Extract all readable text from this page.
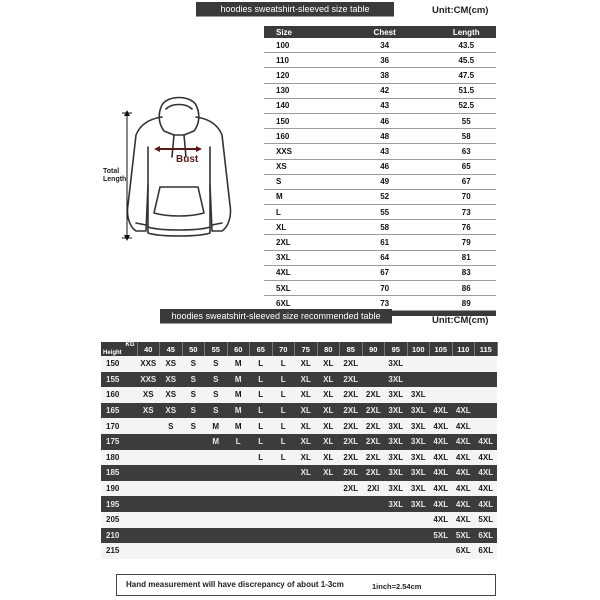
hoodies sweatshirt-sleeved size table	Unit:CM(cm)
Bust
Total
Length
Size	Chest	Length
100	34	43.5
110	36	45.5
120	38	47.5
130	42	51.5
140	43	52.5
150	46	55
160	48	58
XXS	43	63
XS	46	65
S	49	67
M	52	70
L	55	73
XL	58	76
2XL	61	79
3XL	64	81
4XL	67	83
5XL	70	86
6XL	73	89

hoodies sweatshirt-sleeved size recommended table	Unit:CM(cm)
KG
Height	40	45	50	55	60	65	70	75	80	85	90	95	100	105	110	115
150	XXS	XS	S	S	M	L	L	XL	XL	2XL		3XL				
155	XXS	XS	S	S	M	L	L	XL	XL	2XL		3XL				
160	XS	XS	S	S	M	L	L	XL	XL	2XL	2XL	3XL	3XL			
165	XS	XS	S	S	M	L	L	XL	XL	2XL	2XL	3XL	3XL	4XL	4XL	
170		S	S	M	M	L	L	XL	XL	2XL	2XL	3XL	3XL	4XL	4XL	
175				M	L	L	L	XL	XL	2XL	2XL	3XL	3XL	4XL	4XL	4XL
180						L	L	XL	XL	2XL	2XL	3XL	3XL	4XL	4XL	4XL
185								XL	XL	2XL	2XL	3XL	3XL	4XL	4XL	4XL
190										2XL	2XI	3XL	3XL	4XL	4XL	4XL
195												3XL	3XL	4XL	4XL	4XL
205														4XL	4XL	5XL
210														5XL	5XL	6XL
215															6XL	6XL
Hand measurement will have discrepancy of about 1-3cm	1inch=2.54cm
